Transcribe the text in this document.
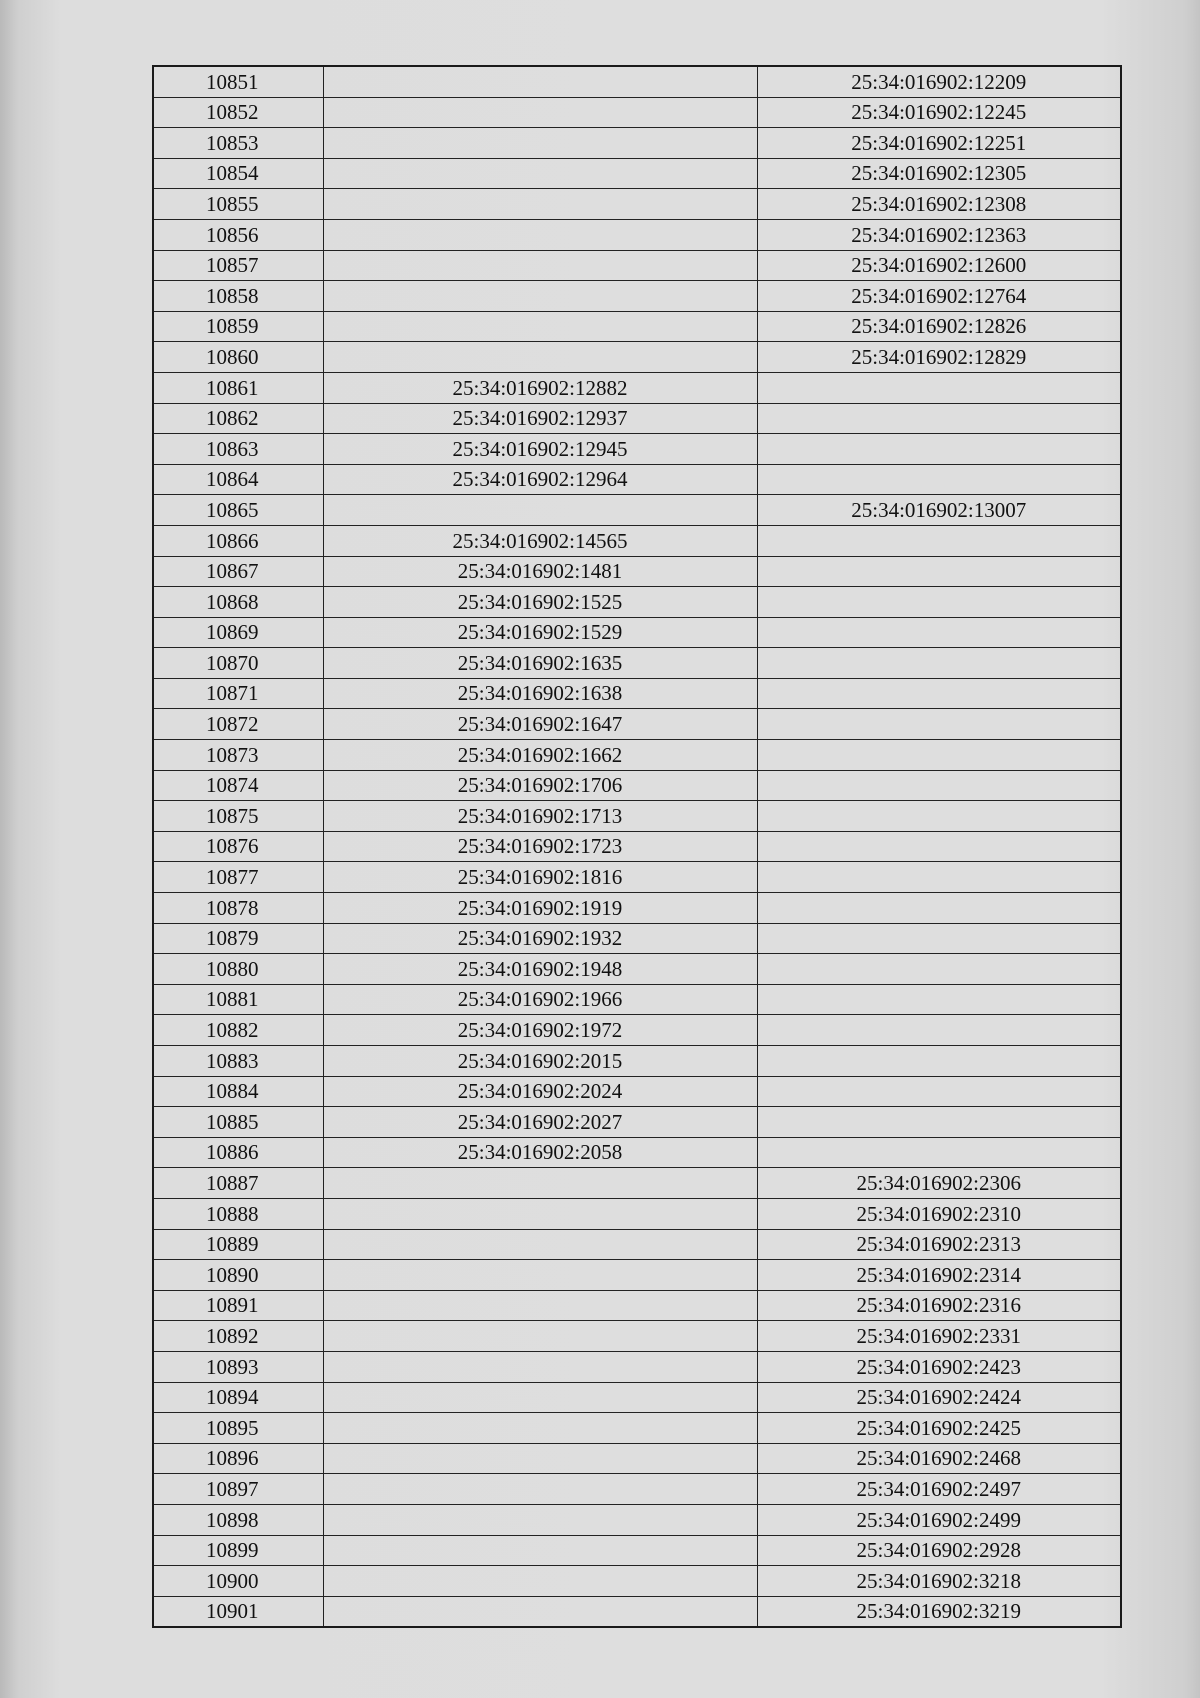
10851		25:34:016902:12209
10852		25:34:016902:12245
10853		25:34:016902:12251
10854		25:34:016902:12305
10855		25:34:016902:12308
10856		25:34:016902:12363
10857		25:34:016902:12600
10858		25:34:016902:12764
10859		25:34:016902:12826
10860		25:34:016902:12829
10861	25:34:016902:12882	
10862	25:34:016902:12937	
10863	25:34:016902:12945	
10864	25:34:016902:12964	
10865		25:34:016902:13007
10866	25:34:016902:14565	
10867	25:34:016902:1481	
10868	25:34:016902:1525	
10869	25:34:016902:1529	
10870	25:34:016902:1635	
10871	25:34:016902:1638	
10872	25:34:016902:1647	
10873	25:34:016902:1662	
10874	25:34:016902:1706	
10875	25:34:016902:1713	
10876	25:34:016902:1723	
10877	25:34:016902:1816	
10878	25:34:016902:1919	
10879	25:34:016902:1932	
10880	25:34:016902:1948	
10881	25:34:016902:1966	
10882	25:34:016902:1972	
10883	25:34:016902:2015	
10884	25:34:016902:2024	
10885	25:34:016902:2027	
10886	25:34:016902:2058	
10887		25:34:016902:2306
10888		25:34:016902:2310
10889		25:34:016902:2313
10890		25:34:016902:2314
10891		25:34:016902:2316
10892		25:34:016902:2331
10893		25:34:016902:2423
10894		25:34:016902:2424
10895		25:34:016902:2425
10896		25:34:016902:2468
10897		25:34:016902:2497
10898		25:34:016902:2499
10899		25:34:016902:2928
10900		25:34:016902:3218
10901		25:34:016902:3219
